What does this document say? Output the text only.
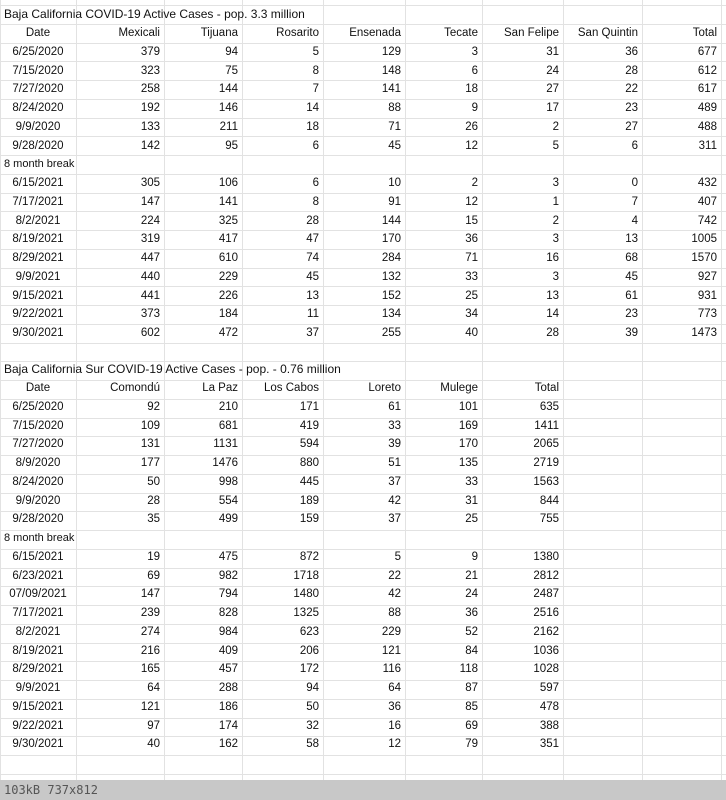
Baja California COVID-19 Active Cases - pop. 3.3 million
Date	Mexicali	Tijuana	Rosarito	Ensenada	Tecate	San Felipe	San Quintin	Total
6/25/2020	379	94	5	129	3	31	36	677
7/15/2020	323	75	8	148	6	24	28	612
7/27/2020	258	144	7	141	18	27	22	617
8/24/2020	192	146	14	88	9	17	23	489
9/9/2020	133	211	18	71	26	2	27	488
9/28/2020	142	95	6	45	12	5	6	311
8 month break
6/15/2021	305	106	6	10	2	3	0	432
7/17/2021	147	141	8	91	12	1	7	407
8/2/2021	224	325	28	144	15	2	4	742
8/19/2021	319	417	47	170	36	3	13	1005
8/29/2021	447	610	74	284	71	16	68	1570
9/9/2021	440	229	45	132	33	3	45	927
9/15/2021	441	226	13	152	25	13	61	931
9/22/2021	373	184	11	134	34	14	23	773
9/30/2021	602	472	37	255	40	28	39	1473
Baja California Sur COVID-19 Active Cases - pop. - 0.76 million
Date	Comondú	La Paz	Los Cabos	Loreto	Mulege	Total
6/25/2020	92	210	171	61	101	635
7/15/2020	109	681	419	33	169	1411
7/27/2020	131	1131	594	39	170	2065
8/9/2020	177	1476	880	51	135	2719
8/24/2020	50	998	445	37	33	1563
9/9/2020	28	554	189	42	31	844
9/28/2020	35	499	159	37	25	755
8 month break
6/15/2021	19	475	872	5	9	1380
6/23/2021	69	982	1718	22	21	2812
07/09/2021	147	794	1480	42	24	2487
7/17/2021	239	828	1325	88	36	2516
8/2/2021	274	984	623	229	52	2162
8/19/2021	216	409	206	121	84	1036
8/29/2021	165	457	172	116	118	1028
9/9/2021	64	288	94	64	87	597
9/15/2021	121	186	50	36	85	478
9/22/2021	97	174	32	16	69	388
9/30/2021	40	162	58	12	79	351
103kB 737x812
